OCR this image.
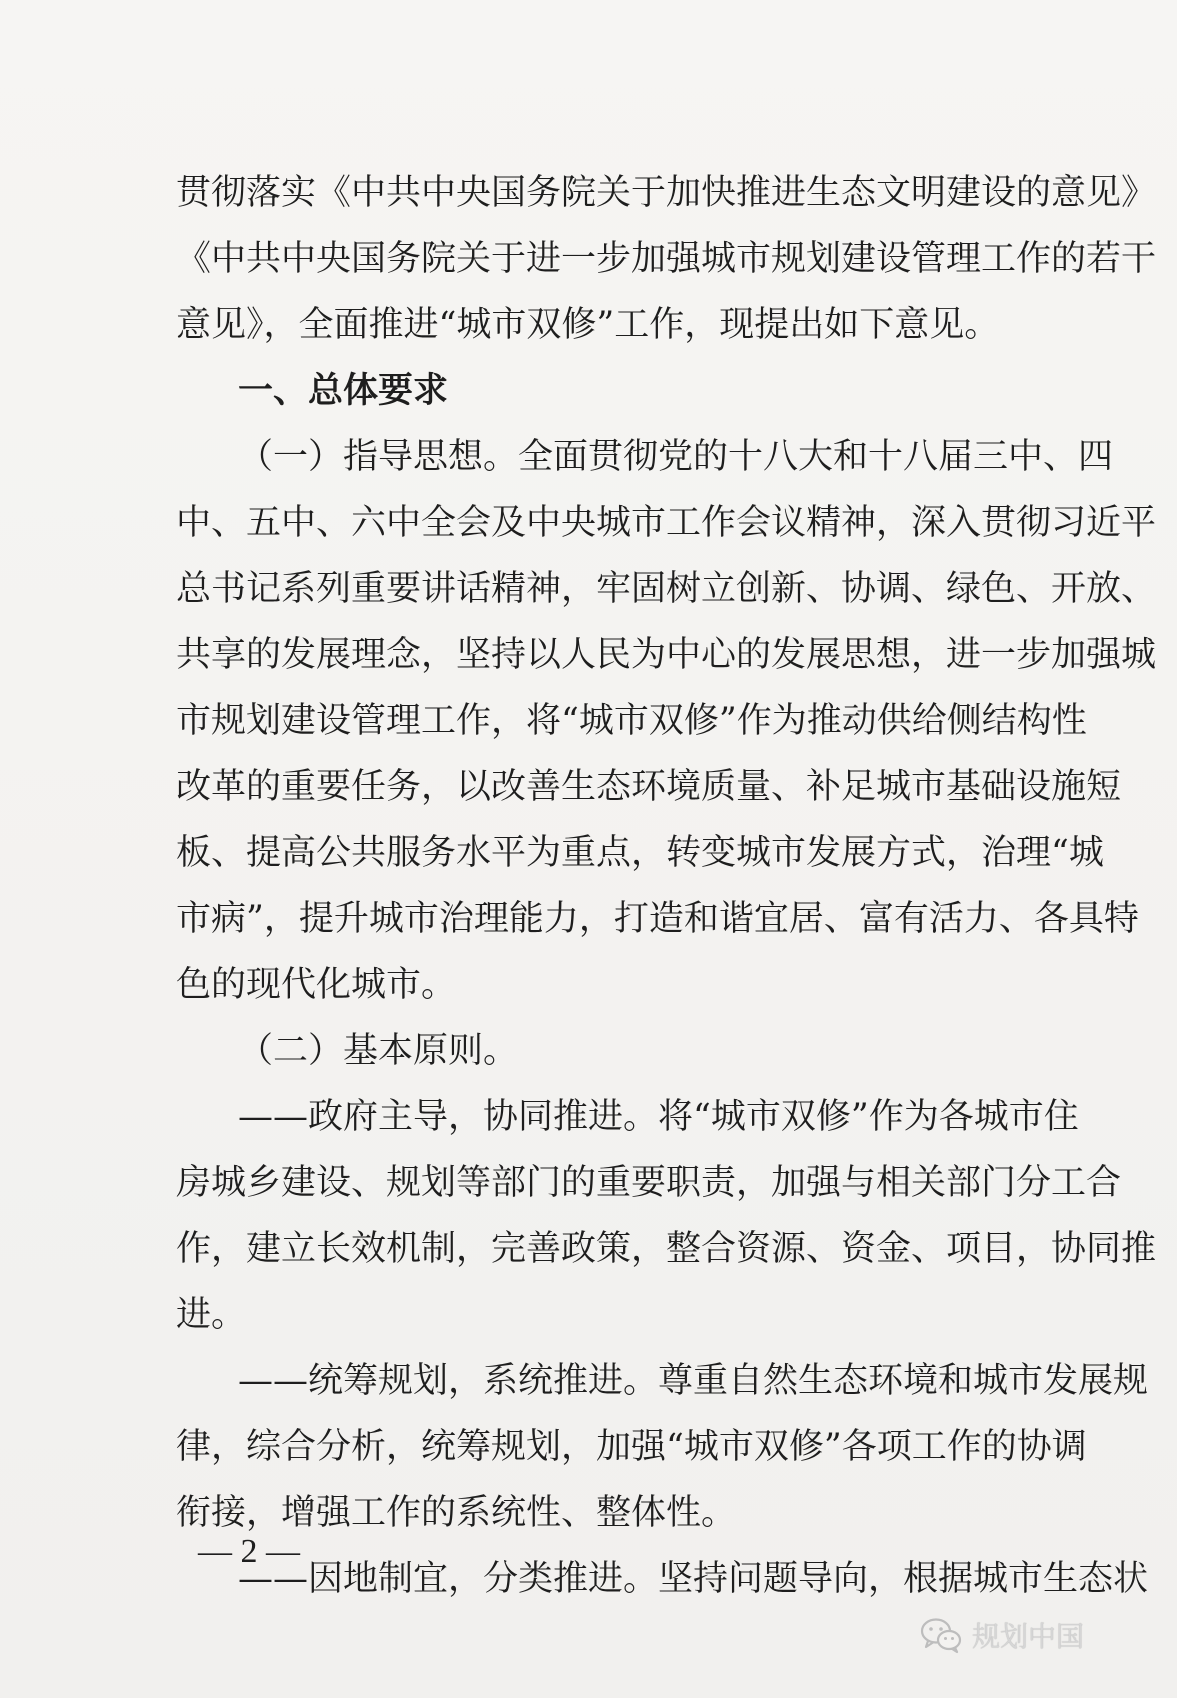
贯彻落实《中共中央国务院关于加快推进生态文明建设的意见》
《中共中央国务院关于进一步加强城市规划建设管理工作的若干
意见》，全面推进“城市双修”工作，现提出如下意见。
一、总体要求
（一）指导思想。全面贯彻党的十八大和十八届三中、四
中、五中、六中全会及中央城市工作会议精神，深入贯彻习近平
总书记系列重要讲话精神，牢固树立创新、协调、绿色、开放、
共享的发展理念，坚持以人民为中心的发展思想，进一步加强城
市规划建设管理工作，将“城市双修”作为推动供给侧结构性
改革的重要任务，以改善生态环境质量、补足城市基础设施短
板、提高公共服务水平为重点，转变城市发展方式，治理“城
市病”，提升城市治理能力，打造和谐宜居、富有活力、各具特
色的现代化城市。
（二）基本原则。
——政府主导，协同推进。将“城市双修”作为各城市住
房城乡建设、规划等部门的重要职责，加强与相关部门分工合
作，建立长效机制，完善政策，整合资源、资金、项目，协同推
进。
——统筹规划，系统推进。尊重自然生态环境和城市发展规
律，综合分析，统筹规划，加强“城市双修”各项工作的协调
衔接，增强工作的系统性、整体性。
——因地制宜，分类推进。坚持问题导向，根据城市生态状
— 2 —
规划中国
